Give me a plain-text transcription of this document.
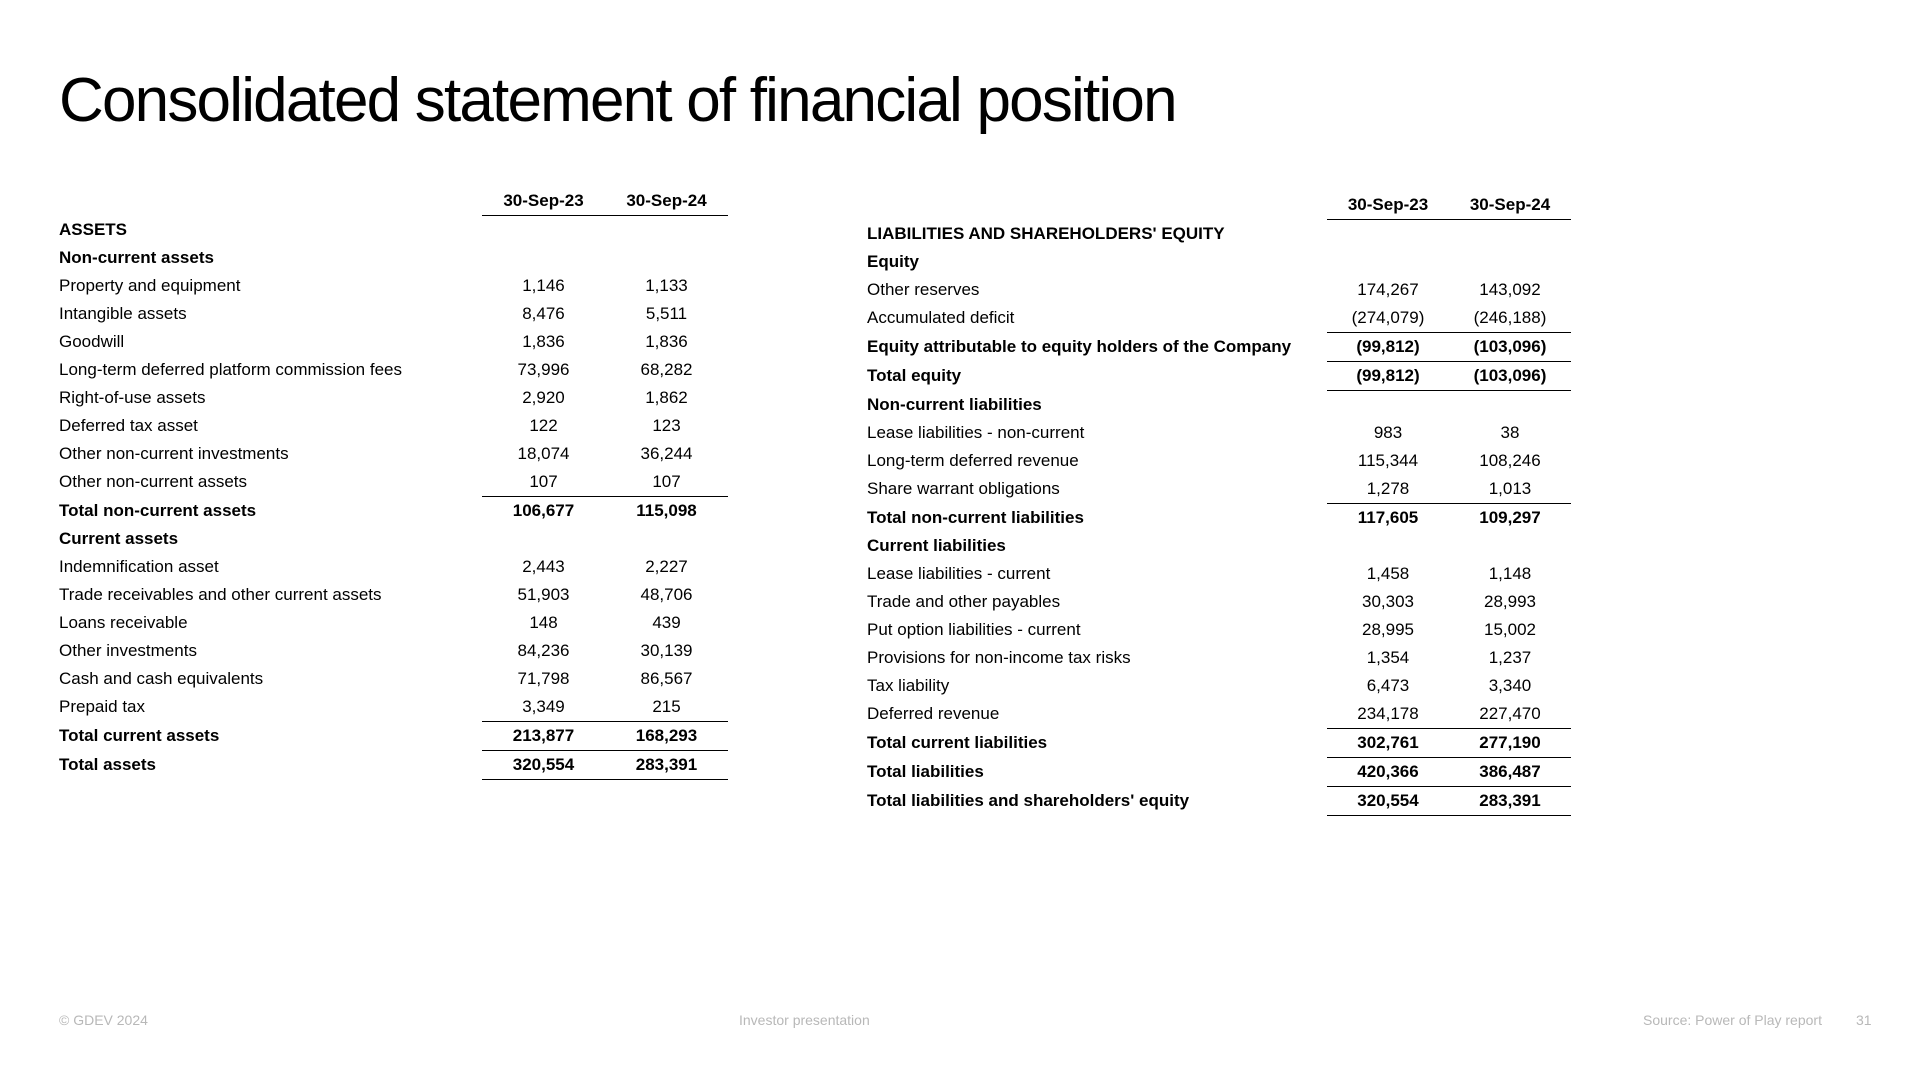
Consolidated statement of financial position
	30-Sep-23	30-Sep-24
ASSETS		
Non-current assets		
Property and equipment	1,146	1,133
Intangible assets	8,476	5,511
Goodwill	1,836	1,836
Long-term deferred platform commission fees	73,996	68,282
Right-of-use assets	2,920	1,862
Deferred tax asset	122	123
Other non-current investments	18,074	36,244
Other non-current assets	107	107
Total non-current assets	106,677	115,098
Current assets		
Indemnification asset	2,443	2,227
Trade receivables and other current assets	51,903	48,706
Loans receivable	148	439
Other investments	84,236	30,139
Cash and cash equivalents	71,798	86,567
Prepaid tax	3,349	215
Total current assets	213,877	168,293
Total assets	320,554	283,391
	30-Sep-23	30-Sep-24
LIABILITIES AND SHAREHOLDERS' EQUITY		
Equity		
Other reserves	174,267	143,092
Accumulated deficit	(274,079)	(246,188)
Equity attributable to equity holders of the Company	(99,812)	(103,096)
Total equity	(99,812)	(103,096)
Non-current liabilities		
Lease liabilities - non-current	983	38
Long-term deferred revenue	115,344	108,246
Share warrant obligations	1,278	1,013
Total non-current liabilities	117,605	109,297
Current liabilities		
Lease liabilities - current	1,458	1,148
Trade and other payables	30,303	28,993
Put option liabilities - current	28,995	15,002
Provisions for non-income tax risks	1,354	1,237
Tax liability	6,473	3,340
Deferred revenue	234,178	227,470
Total current liabilities	302,761	277,190
Total liabilities	420,366	386,487
Total liabilities and shareholders' equity	320,554	283,391
© GDEV 2024	Investor presentation	Source: Power of Play report 31
